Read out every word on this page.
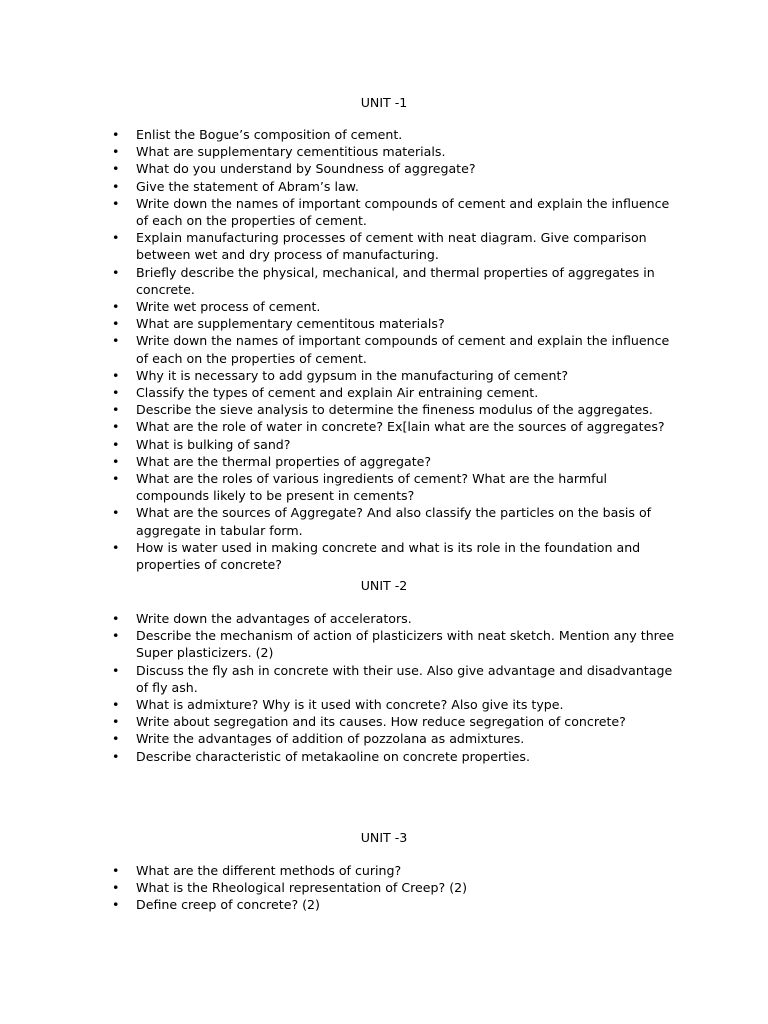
UNIT -1
• Enlist the Bogue’s composition of cement.
• What are supplementary cementitious materials.
• What do you understand by Soundness of aggregate?
• Give the statement of Abram’s law.
• Write down the names of important compounds of cement and explain the influence of each on the properties of cement.
• Explain manufacturing processes of cement with neat diagram. Give comparison between wet and dry process of manufacturing.
• Briefly describe the physical, mechanical, and thermal properties of aggregates in concrete.
• Write wet process of cement.
• What are supplementary cementitous materials?
• Write down the names of important compounds of cement and explain the influence of each on the properties of cement.
• Why it is necessary to add gypsum in the manufacturing of cement?
• Classify the types of cement and explain Air entraining cement.
• Describe the sieve analysis to determine the fineness modulus of the aggregates.
• What are the role of water in concrete? Ex[lain what are the sources of aggregates?
• What is bulking of sand?
• What are the thermal properties of aggregate?
• What are the roles of various ingredients of cement? What are the harmful compounds likely to be present in cements?
• What are the sources of Aggregate? And also classify the particles on the basis of aggregate in tabular form.
• How is water used in making concrete and what is its role in the foundation and properties of concrete?
UNIT -2
• Write down the advantages of accelerators.
• Describe the mechanism of action of plasticizers with neat sketch. Mention any three Super plasticizers. (2)
• Discuss the fly ash in concrete with their use. Also give advantage and disadvantage of fly ash.
• What is admixture? Why is it used with concrete? Also give its type.
• Write about segregation and its causes. How reduce segregation of concrete?
• Write the advantages of addition of pozzolana as admixtures.
• Describe characteristic of metakaoline on concrete properties.
UNIT -3
• What are the different methods of curing?
• What is the Rheological representation of Creep? (2)
• Define creep of concrete? (2)
